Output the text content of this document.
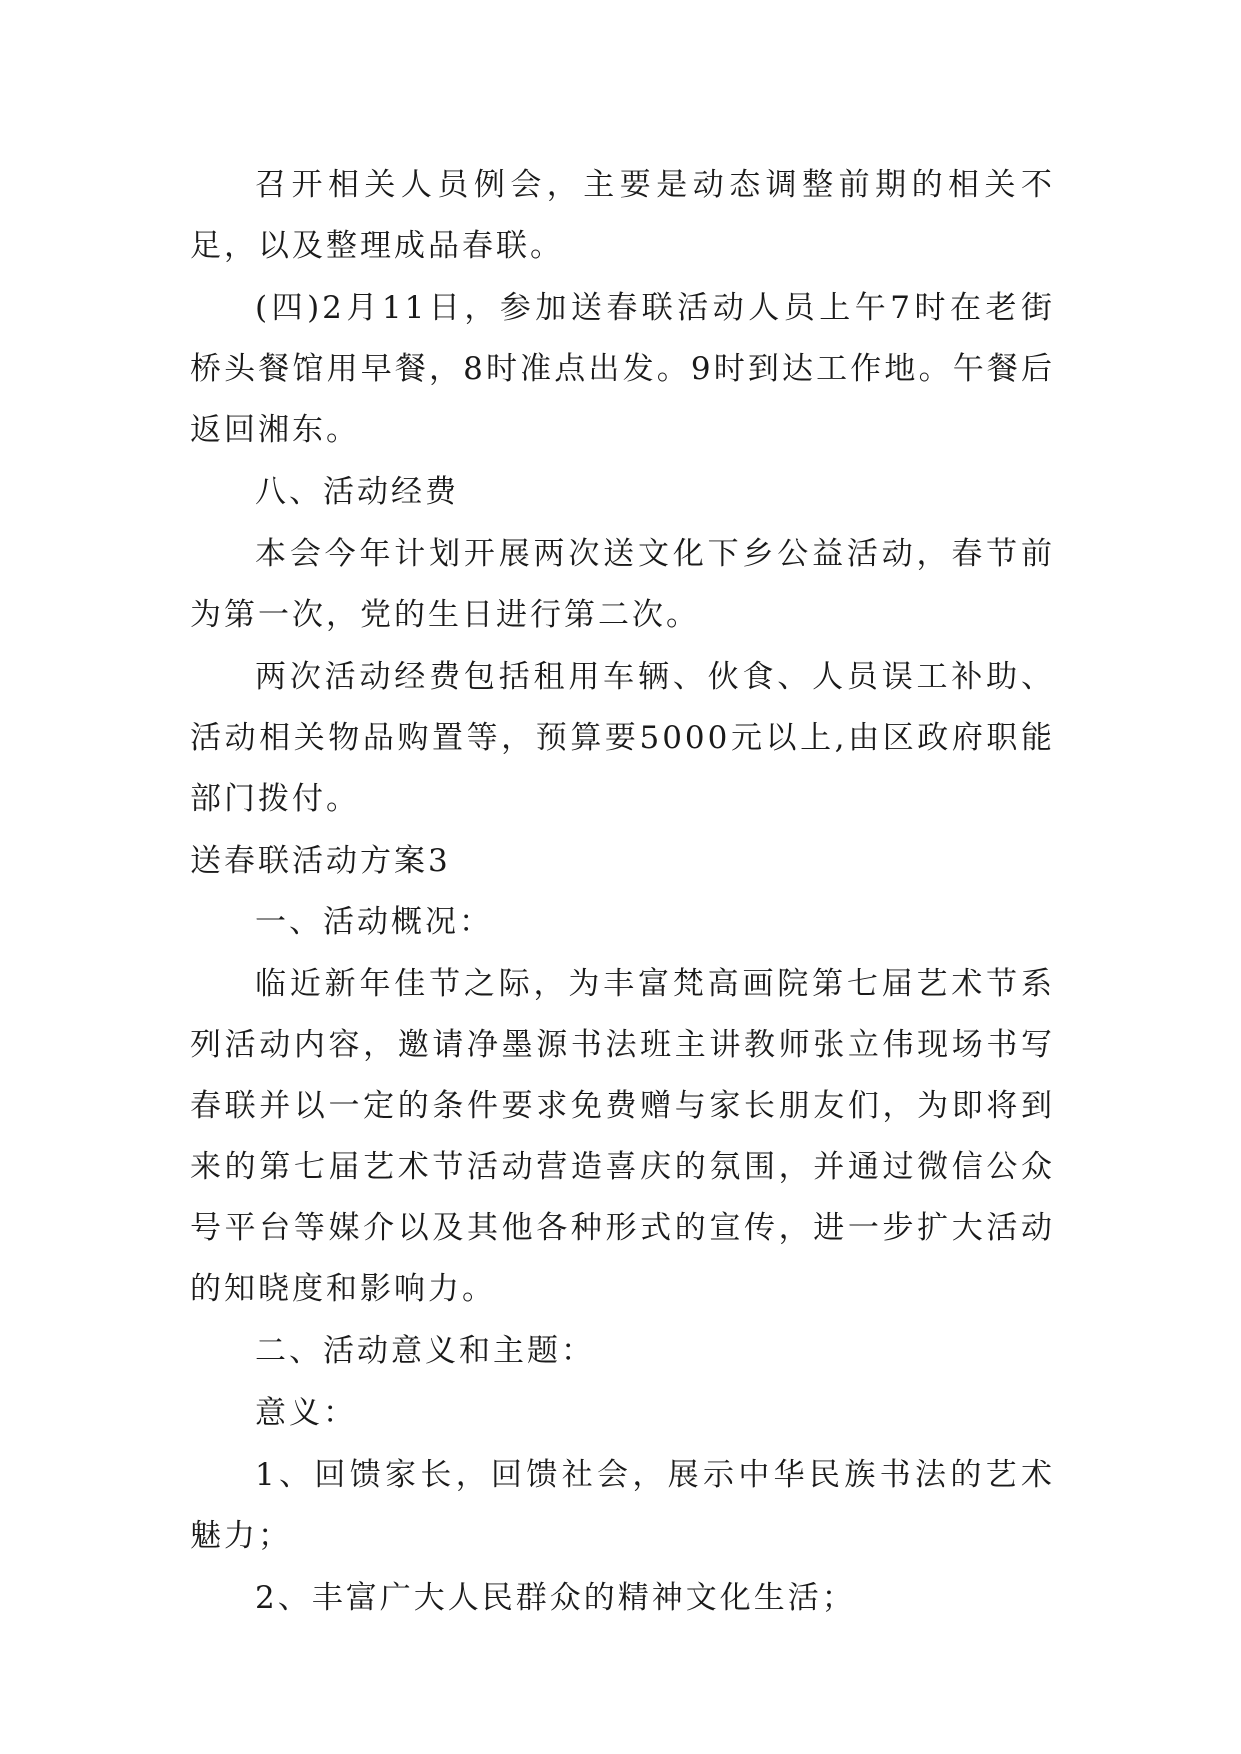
召开相关人员例会，主要是动态调整前期的相关不足，以及整理成品春联。

(四)2月11日，参加送春联活动人员上午7时在老街桥头餐馆用早餐，8时准点出发。9时到达工作地。午餐后返回湘东。

八、活动经费

本会今年计划开展两次送文化下乡公益活动，春节前为第一次，党的生日进行第二次。

两次活动经费包括租用车辆、伙食、人员误工补助、活动相关物品购置等，预算要5000元以上,由区政府职能部门拨付。

送春联活动方案3

一、活动概况：

临近新年佳节之际，为丰富梵高画院第七届艺术节系列活动内容，邀请净墨源书法班主讲教师张立伟现场书写春联并以一定的条件要求免费赠与家长朋友们，为即将到来的第七届艺术节活动营造喜庆的氛围，并通过微信公众号平台等媒介以及其他各种形式的宣传，进一步扩大活动的知晓度和影响力。

二、活动意义和主题：

意义：

1、回馈家长，回馈社会，展示中华民族书法的艺术魅力；

2、丰富广大人民群众的精神文化生活；
